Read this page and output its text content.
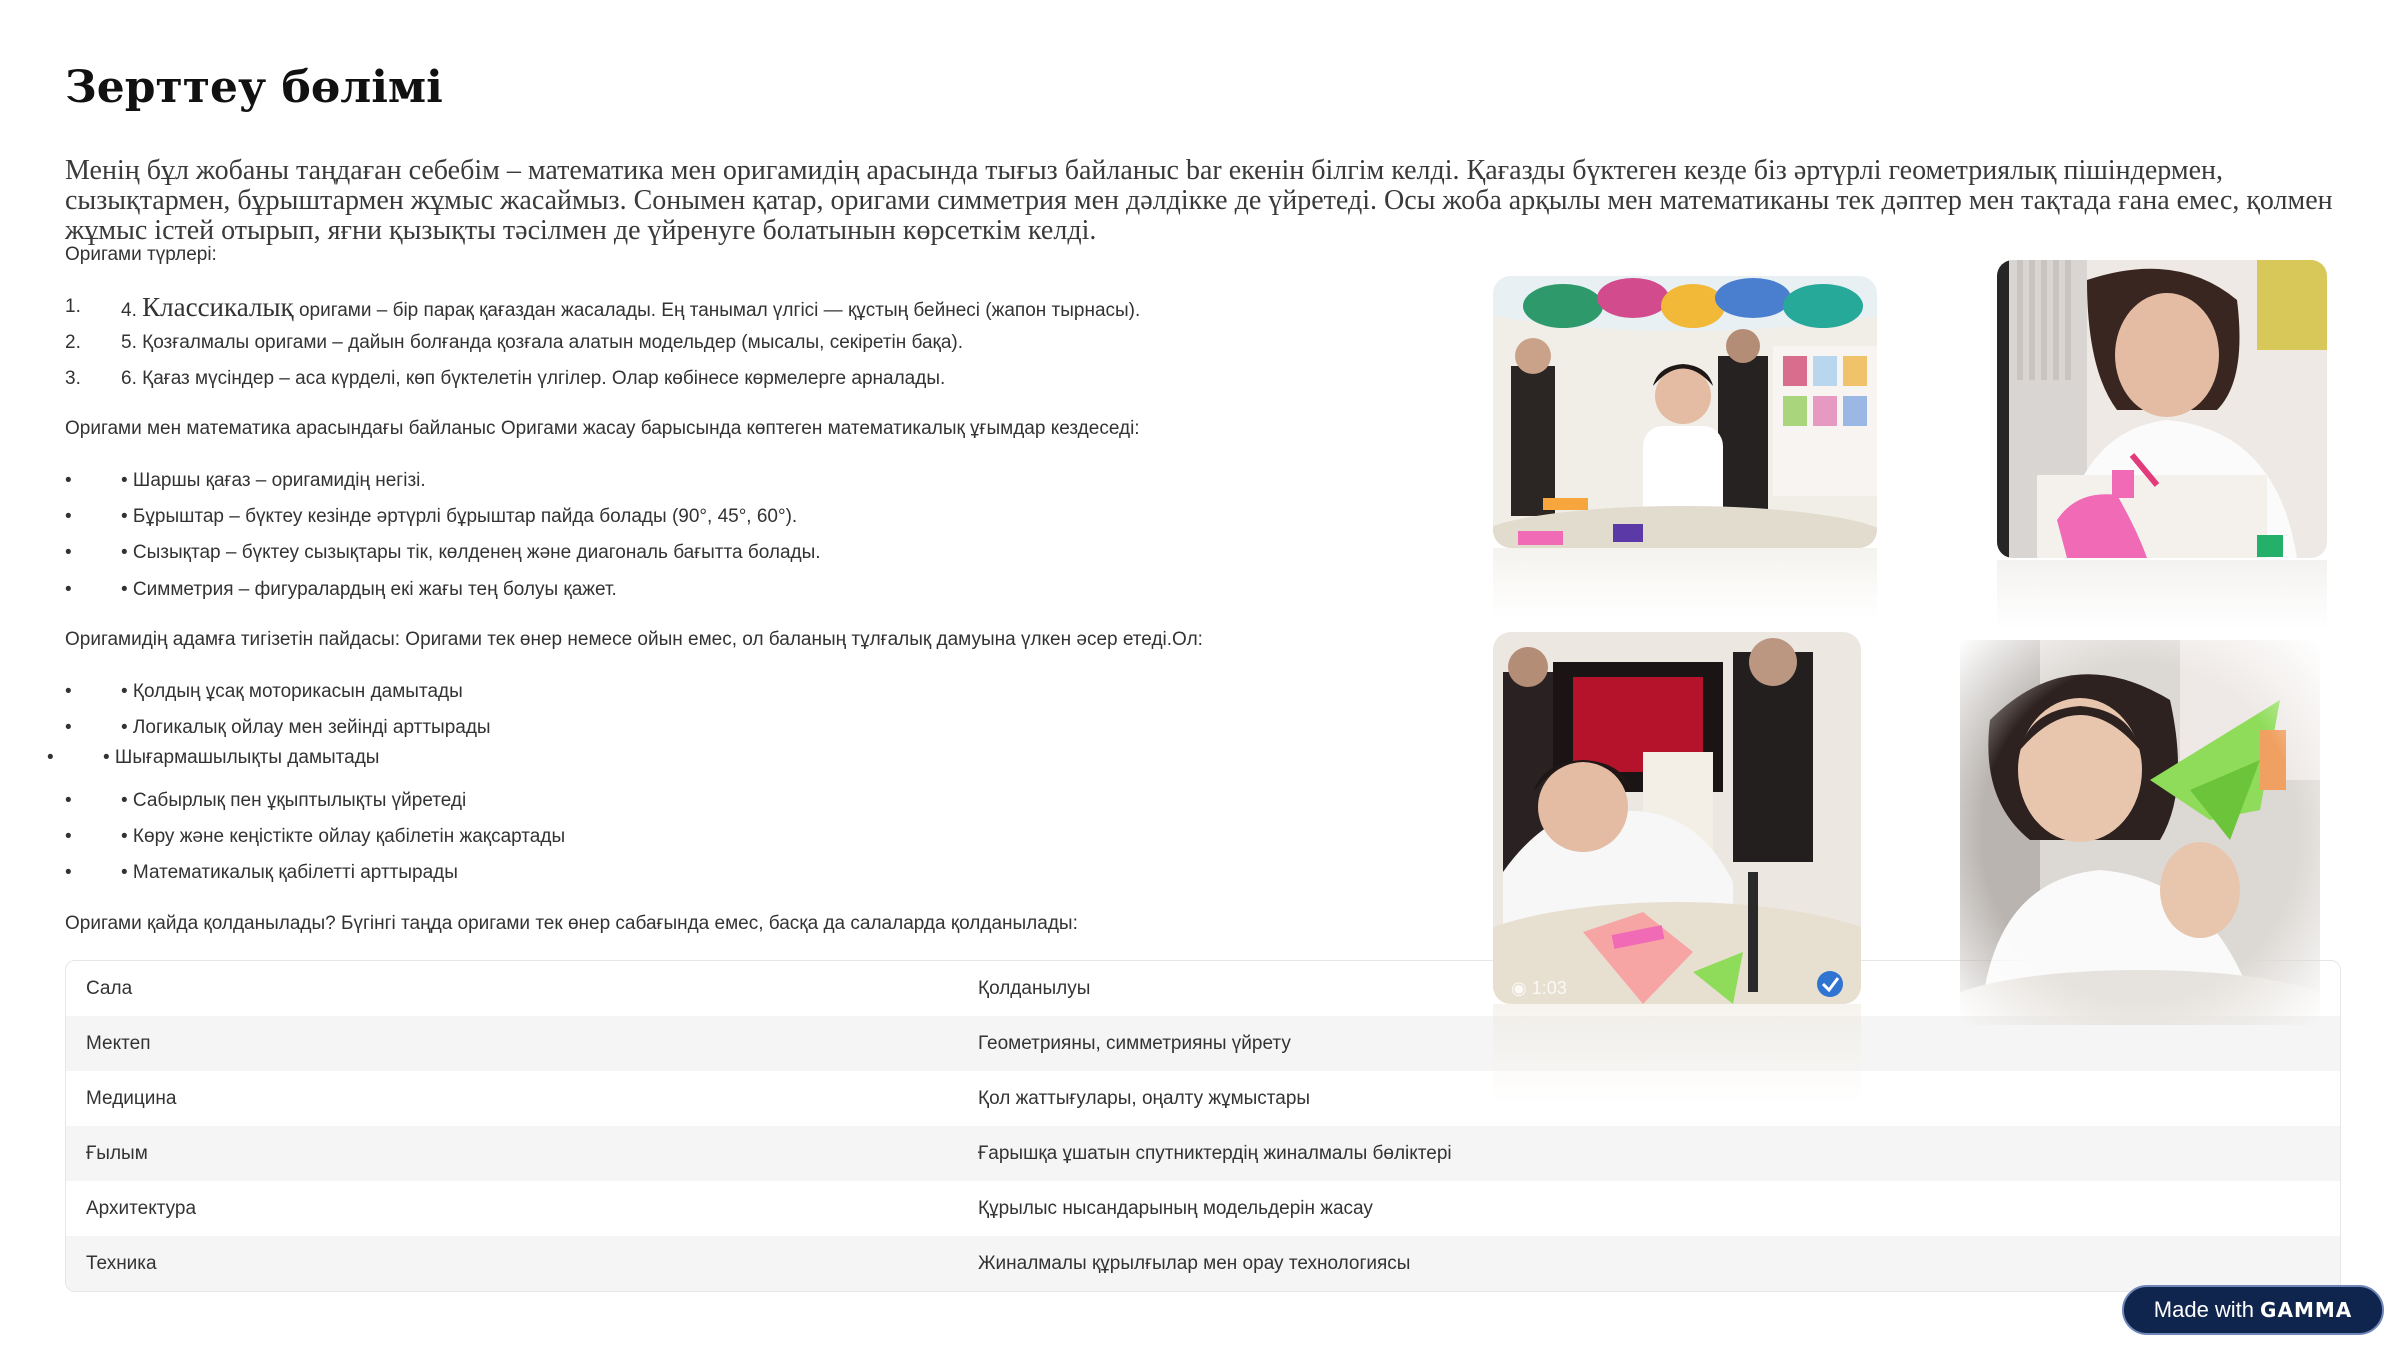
Зерттеу бөлімі
Менің бұл жобаны таңдаған себебім – математика мен оригамидің арасында тығыз байланыс bar екенін білгім келді. Қағазды бүктеген кезде біз әртүрлі геометриялық пішіндермен, сызықтармен, бұрыштармен жұмыс жасаймыз. Сонымен қатар, оригами симметрия мен дәлдікке де үйретеді. Осы жоба арқылы мен математиканы тек дәптер мен тақтада ғана емес, қолмен жұмыс істей отырып, яғни қызықты тәсілмен де үйренуге болатынын көрсеткім келді.
Оригами түрлері:
1.	4. Классикалық оригами – бір парақ қағаздан жасалады. Ең танымал үлгісі — құстың бейнесі (жапон тырнасы).
2.	5. Қозғалмалы оригами – дайын болғанда қозғала алатын модельдер (мысалы, секіретін бақа).
3.	6. Қағаз мүсіндер – аса күрделі, көп бүктелетін үлгілер. Олар көбінесе көрмелерге арналады.
Оригами мен математика арасындағы байланыс Оригами жасау барысында көптеген математикалық ұғымдар кездеседі:
•	• Шаршы қағаз – оригамидің негізі.
•	• Бұрыштар – бүктеу кезінде әртүрлі бұрыштар пайда болады (90°, 45°, 60°).
•	• Сызықтар – бүктеу сызықтары тік, көлденең және диагональ бағытта болады.
•	• Симметрия – фигуралардың екі жағы тең болуы қажет.
Оригамидің адамға тигізетін пайдасы: Оригами тек өнер немесе ойын емес, ол баланың тұлғалық дамуына үлкен әсер етеді.Ол:
•	• Қолдың ұсақ моторикасын дамытады
•	• Логикалық ойлау мен зейінді арттырады
•	• Шығармашылықты дамытады
•	• Сабырлық пен ұқыптылықты үйретеді
•	• Көру және кеңістікте ойлау қабілетін жақсартады
•	• Математикалық қабілетті арттырады
Оригами қайда қолданылады? Бүгінгі таңда оригами тек өнер сабағында емес, басқа да салаларда қолданылады:
Сала	Қолданылуы
Мектеп	Геометрияны, симметрияны үйрету
Медицина	Қол жаттығулары, оңалту жұмыстары
Ғылым	Ғарышқа ұшатын спутниктердің жиналмалы бөліктері
Архитектура	Құрылыс нысандарының модельдерін жасау
Техника	Жиналмалы құрылғылар мен орау технологиясы
◉ 1:03
Made with GAMMA
